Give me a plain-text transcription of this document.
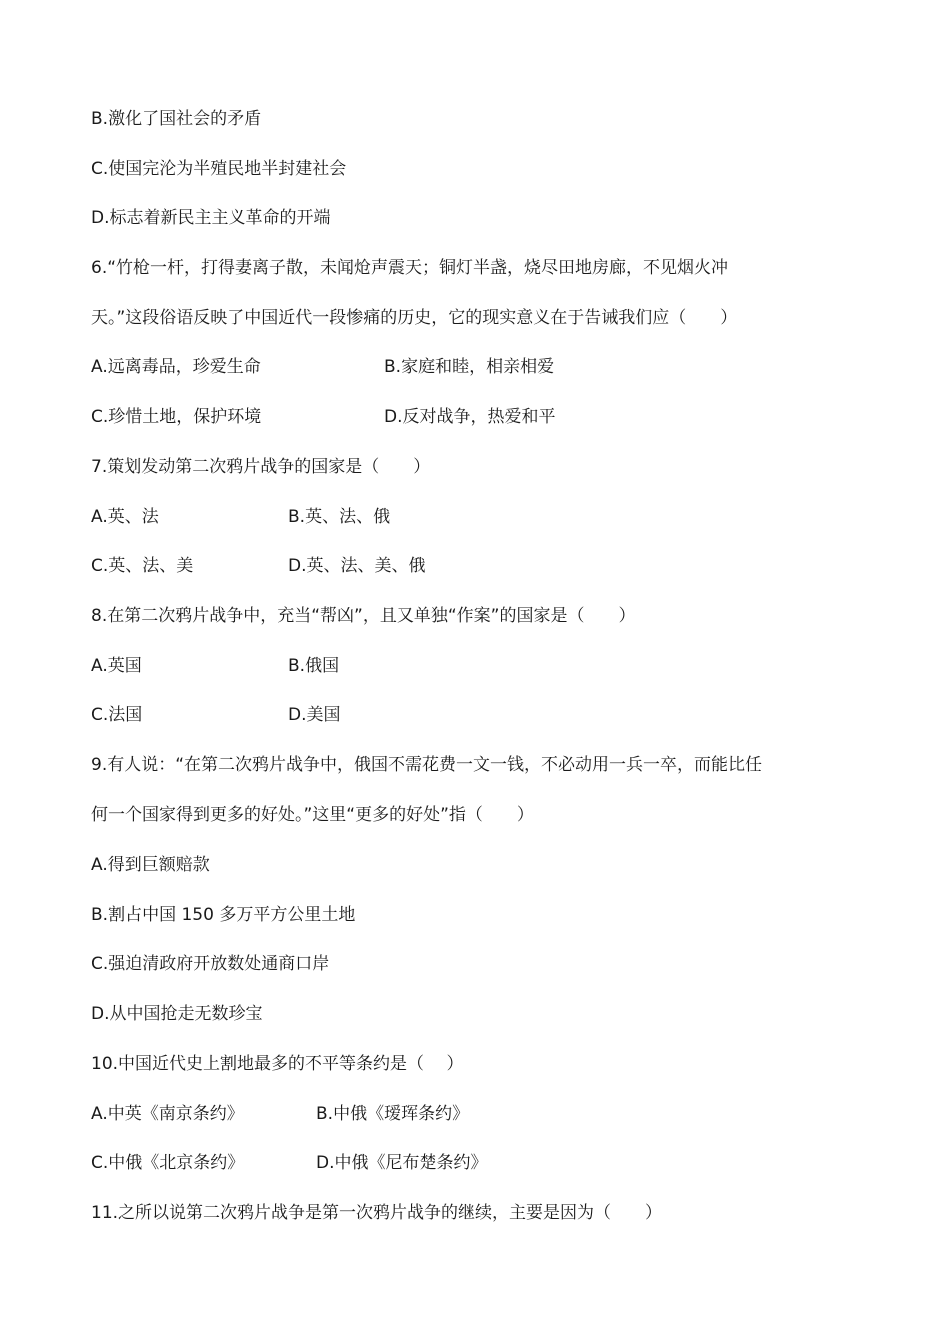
B.激化了国社会的矛盾
C.使国完沦为半殖民地半封建社会
D.标志着新民主主义革命的开端
6.“竹枪一杆，打得妻离子散，未闻炝声震天；铜灯半盏，烧尽田地房廊，不见烟火冲
天。”这段俗语反映了中国近代一段惨痛的历史，它的现实意义在于告诫我们应（　　）
A.远离毒品，珍爱生命	B.家庭和睦，相亲相爱
C.珍惜土地，保护环境	D.反对战争，热爱和平
7.策划发动第二次鸦片战争的国家是（　　）
A.英、法	B.英、法、俄
C.英、法、美	D.英、法、美、俄
8.在第二次鸦片战争中，充当“帮凶”，且又单独“作案”的国家是（　　）
A.英国	B.俄国
C.法国	D.美国
9.有人说：“在第二次鸦片战争中，俄国不需花费一文一钱，不必动用一兵一卒，而能比任
何一个国家得到更多的好处。”这里“更多的好处”指（　　）
A.得到巨额赔款
B.割占中国 150 多万平方公里土地
C.强迫清政府开放数处通商口岸
D.从中国抢走无数珍宝
10.中国近代史上割地最多的不平等条约是（　 ）
A.中英《南京条约》	B.中俄《瑷珲条约》
C.中俄《北京条约》	D.中俄《尼布楚条约》
11.之所以说第二次鸦片战争是第一次鸦片战争的继续，主要是因为（　　）
